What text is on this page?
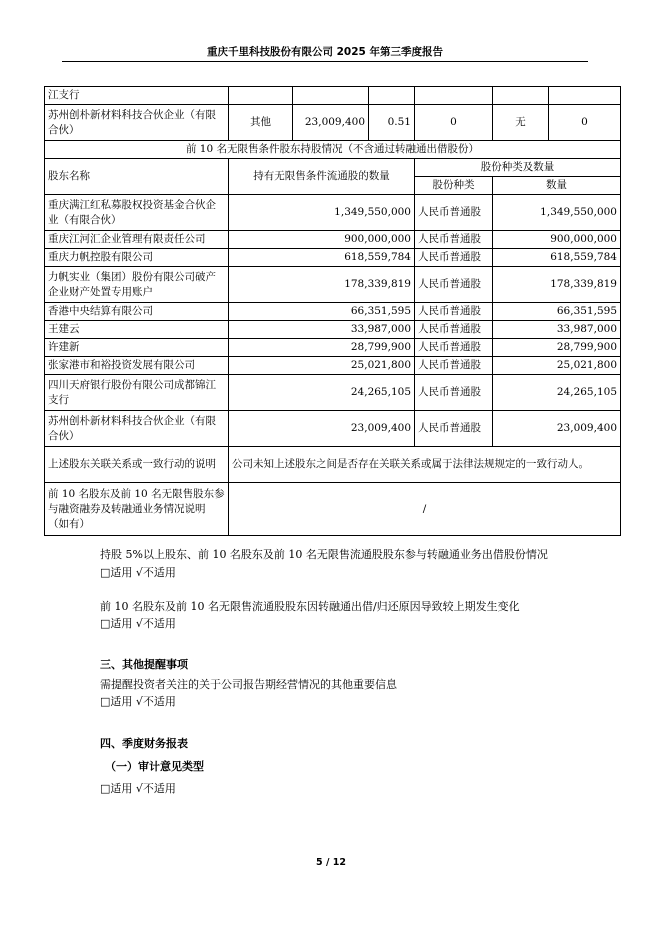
重庆千里科技股份有限公司 2025 年第三季度报告
江支行						
苏州创朴新材料科技合伙企业（有限合伙）	其他	23,009,400	0.51	0	无	0
前 10 名无限售条件股东持股情况（不含通过转融通出借股份）						
股东名称	持有无限售条件流通股的数量			股份种类及数量		
				股份种类	数量	
重庆满江红私募股权投资基金合伙企业（有限合伙）	1,349,550,000			人民币普通股	1,349,550,000	
重庆江河汇企业管理有限责任公司	900,000,000			人民币普通股	900,000,000	
重庆力帆控股有限公司	618,559,784			人民币普通股	618,559,784	
力帆实业（集团）股份有限公司破产企业财产处置专用账户	178,339,819			人民币普通股	178,339,819	
香港中央结算有限公司	66,351,595			人民币普通股	66,351,595	
王建云	33,987,000			人民币普通股	33,987,000	
许建新	28,799,900			人民币普通股	28,799,900	
张家港市和裕投资发展有限公司	25,021,800			人民币普通股	25,021,800	
四川天府银行股份有限公司成都锦江支行	24,265,105			人民币普通股	24,265,105	
苏州创朴新材料科技合伙企业（有限合伙）	23,009,400			人民币普通股	23,009,400	
上述股东关联关系或一致行动的说明	公司未知上述股东之间是否存在关联关系或属于法律法规规定的一致行动人。					
前 10 名股东及前 10 名无限售股东参与融资融券及转融通业务情况说明（如有）	/					
持股 5%以上股东、前 10 名股东及前 10 名无限售流通股股东参与转融通业务出借股份情况
□适用 √不适用
前 10 名股东及前 10 名无限售流通股股东因转融通出借/归还原因导致较上期发生变化
□适用 √不适用
三、其他提醒事项
需提醒投资者关注的关于公司报告期经营情况的其他重要信息
□适用 √不适用
四、季度财务报表
（一）审计意见类型
□适用 √不适用
5 / 12
